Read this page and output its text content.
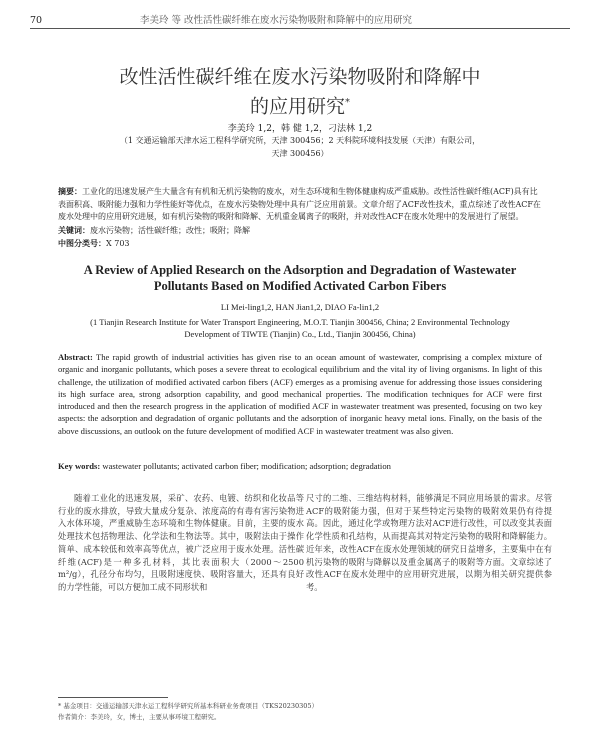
70	李美玲 等 改性活性碳纤维在废水污染物吸附和降解中的应用研究
改性活性碳纤维在废水污染物吸附和降解中
的应用研究*
李美玲 1,2，韩 健 1,2，刁法林 1,2
（1 交通运输部天津水运工程科学研究所，天津 300456；2 天科院环境科技发展（天津）有限公司，
天津 300456）

摘要：工业化的迅速发展产生大量含有有机和无机污染物的废水，对生态环境和生物体健康构成严重威胁。改性活性碳纤维(ACF)具有比表面积高、吸附能力强和力学性能好等优点，在废水污染物处理中具有广泛应用前景。文章介绍了ACF改性技术，重点综述了改性ACF在废水处理中的应用研究进展，如有机污染物的吸附和降解、无机重金属离子的吸附，并对改性ACF在废水处理中的发展进行了展望。

关键词：废水污染物；活性碳纤维；改性；吸附；降解

中图分类号：X 703

A Review of Applied Research on the Adsorption and Degradation of Wastewater
Pollutants Based on Modified Activated Carbon Fibers
LI Mei-ling1,2, HAN Jian1,2, DIAO Fa-lin1,2
(1 Tianjin Research Institute for Water Transport Engineering, M.O.T. Tianjin 300456, China; 2 Environmental Technology
Development of TIWTE (Tianjin) Co., Ltd., Tianjin 300456, China)

Abstract: The rapid growth of industrial activities has given rise to an ocean amount of wastewater, comprising a complex mixture of organic and inorganic pollutants, which poses a severe threat to ecological equilibrium and the vital ity of living organisms. In light of this challenge, the utilization of modified activated carbon fibers (ACF) emerges as a promising avenue for addressing those issues considering its high surface area, strong adsorption capability, and good mechanical properties. The modification techniques for ACF were first introduced and then the research progress in the application of modified ACF in wastewater treatment was presented, focusing on two key aspects: the adsorption and degradation of organic pollutants and the adsorption of inorganic heavy metal ions. Finally, on the basis of the above discussions, an outlook on the future development of modified ACF in wastewater treatment was also given.

Key words: wastewater pollutants; activated carbon fiber; modification; adsorption; degradation

随着工业化的迅速发展，采矿、农药、电镀、纺织和化妆品等行业的废水排放，导致大量成分复杂、浓度高的有毒有害污染物进入水体环境，严重威胁生态环境和生物体健康。目前，主要的废水处理技术包括物理法、化学法和生物法等。其中，吸附法由于操作简单、成本较低和效率高等优点，被广泛应用于废水处理。活性碳纤维(ACF)是一种多孔材料，其比表面积大（2000～2500 m²/g），孔径分布均匀，且吸附速度快、吸附容量大，还具有良好的力学性能，可以方便加工成不同形状和

尺寸的二维、三维结构材料，能够满足不同应用场景的需求。尽管ACF的吸附能力强，但对于某些特定污染物的吸附效果仍有待提高。因此，通过化学或物理方法对ACF进行改性，可以改变其表面化学性质和孔结构，从而提高其对特定污染物的吸附和降解能力。近年来，改性ACF在废水处理领域的研究日益增多，主要集中在有机污染物的吸附与降解以及重金属离子的吸附等方面。文章综述了改性ACF在废水处理中的应用研究进展，以期为相关研究提供参考。

* 基金项目：交通运输部天津水运工程科学研究所基本科研业务费项目（TKS20230305）
作者简介：李美玲，女，博士，主要从事环境工程研究。
